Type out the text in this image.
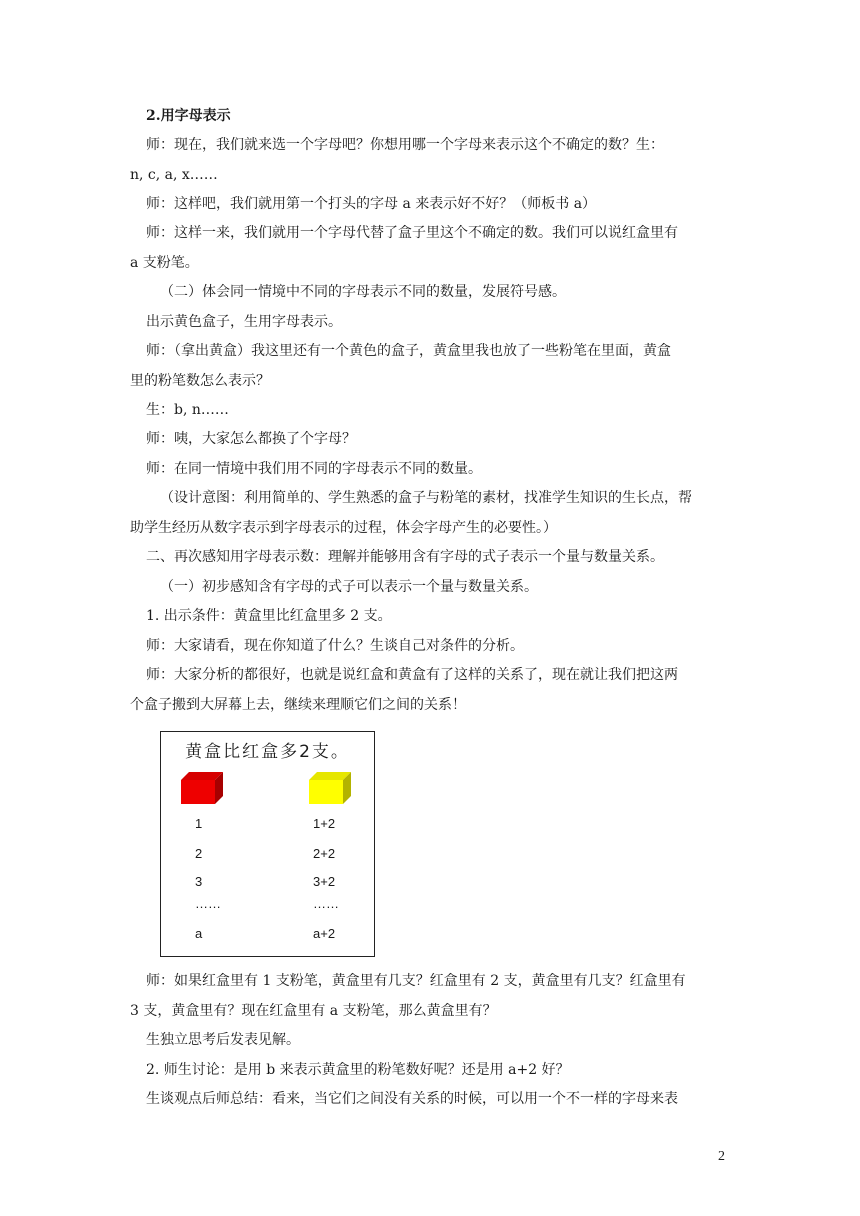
2.用字母表示
师：现在，我们就来选一个字母吧？你想用哪一个字母来表示这个不确定的数？生：
n, c, a, x……
师：这样吧，我们就用第一个打头的字母 a 来表示好不好？（师板书 a）
师：这样一来，我们就用一个字母代替了盒子里这个不确定的数。我们可以说红盒里有
a 支粉笔。
（二）体会同一情境中不同的字母表示不同的数量，发展符号感。
出示黄色盒子，生用字母表示。
师：（拿出黄盒）我这里还有一个黄色的盒子，黄盒里我也放了一些粉笔在里面，黄盒
里的粉笔数怎么表示？
生：b, n……
师：咦，大家怎么都换了个字母？
师：在同一情境中我们用不同的字母表示不同的数量。
（设计意图：利用简单的、学生熟悉的盒子与粉笔的素材，找准学生知识的生长点，帮
助学生经历从数字表示到字母表示的过程，体会字母产生的必要性。）
二、再次感知用字母表示数：理解并能够用含有字母的式子表示一个量与数量关系。
（一）初步感知含有字母的式子可以表示一个量与数量关系。
1. 出示条件：黄盒里比红盒里多 2 支。
师：大家请看，现在你知道了什么？生谈自己对条件的分析。
师：大家分析的都很好，也就是说红盒和黄盒有了这样的关系了，现在就让我们把这两
个盒子搬到大屏幕上去，继续来理顺它们之间的关系！
黄盒比红盒多2支。
1	1+2
2	2+2
3	3+2
……	……
a	a+2
师：如果红盒里有 1 支粉笔，黄盒里有几支？红盒里有 2 支，黄盒里有几支？红盒里有
3 支，黄盒里有？现在红盒里有 a 支粉笔，那么黄盒里有？
生独立思考后发表见解。
2. 师生讨论：是用 b 来表示黄盒里的粉笔数好呢？还是用 a+2 好？
生谈观点后师总结：看来，当它们之间没有关系的时候，可以用一个不一样的字母来表
2
